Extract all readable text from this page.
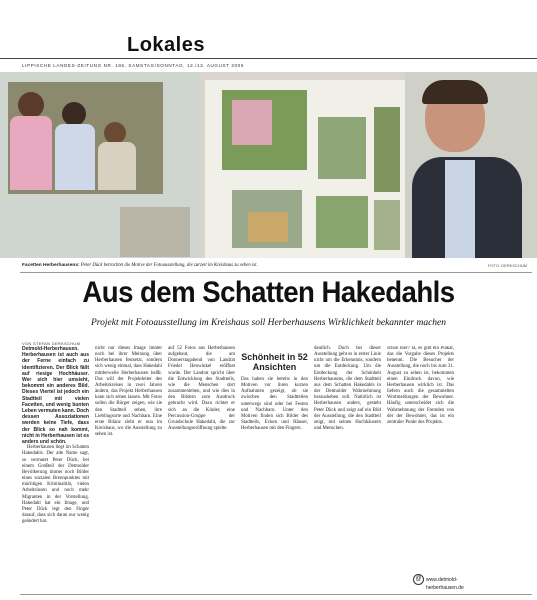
Lokales
LIPPISCHE LANDES-ZEITUNG NR. 186, SAMSTAG/SONNTAG, 12./13. AUGUST 2006
Facetten Herberhausens: Peter Dück betrachtet die Motive der Fotoausstellung, die zurzeit im Kreishaus zu sehen ist.	FOTO: DERKSCHUM
Aus dem Schatten Hakedahls
Projekt mit Fotoausstellung im Kreishaus soll Herberhausens Wirklichkeit bekannter machen
VON STEFAN DERKSCHUM

Detmold-Herberhausen. Herberhausen ist auch aus der Ferne einfach zu identifizieren. Der Blick fällt auf riesige Hochhäuser. Wer sich hier umsieht, bekommt ein anderes Bild. Dieses Viertel ist jedoch ein Stadtteil mit vielen Facetten, und wenig bunten Leben vermuten kann. Doch dessen Assoziationen werden keine Tiefe, dass der Blick so nah kommt, nicht in Herberhausen ist es anders und schön.

Herberhausen liegt im Schatten Hakedahls. Der alte Name sagt, so vermutet Peter Dück, bei einem Großteil der Detmolder Bevölkerung immer noch Bilder eines sozialen Brennpunktes mit mächtigen Kriminalität, vielen Arbeitslosen und noch mehr Migranten in der Vorstellung. Hakedahl hat ein Image, und Peter Dück legt den Finger darauf, dass sich daran nur wenig geändert hat.

nicht nur dieses Image immer noch bei ihrer Meinung über Herberhausen festsetzt, sondern sich wenig einmal, dass Hakedahl mittlerweile Herberhausen heißt. Das will der Projektleiter des Arbeitskreises in zwei Jahren ändern, das Projekt Herberhausen kann sich sehen lassen. Mit Fotos sollen die Bürger zeigen, wie sie den Stadtteil sehen, ihre Lieblingsorte und Nachbarn. Eine erste Bilanz zieht er nun im Kreishaus, wo die Ausstellung zu sehen ist.

auf 52 Fotos aus Herberhausen aufgebaut, die am Donnerstagabend von Landrat Friedel Heuwinkel eröffnet wurde. Der Landrat spricht über die Entwicklung des Stadtteils, wie die Menschen dort zusammenleben, und wie dies in den Bildern zum Ausdruck gebracht wird. Dazu richtet er sich an die Kinder, eine Percussion-Gruppe der Grundschule Hakedahl, die zur Ausstellungseröffnung spielte.

Schönheit in 52 Ansichten

Das haben sie bereits in den Motiven vor ihren kurzen Aufnahmen gezeigt, ob sie zwischen den Stadtteilen unterwegs sind oder bei Festen und Nachbarn. Unter den Motiven finden sich Bilder des Stadtteils, Ecken und Häuser, Herberhausen mit den Fingern.

deutlich. Doch bei dieser Ausstellung geht es in erster Linie nicht um die Erkenntnis, sondern um die Entdeckung. Um die Entdeckung der Schönheit Herberhausens, die dem Stadtteil aus dem Schatten Hakedahls in der Detmolder Wahrnehmung herausheben soll. Natürlich ist Herberhausen anders, gesteht Peter Dück und zeigt auf ein Bild der Ausstellung, die den Stadtteil zeigt, mit seinen Hochhäusern und Menschen.

schön hier? Ja, es gibt ein Plakat, das die Vorgabe dieses Projekts benennt. Die Besucher der Ausstellung, die noch bis zum 31. August zu sehen ist, bekommen einen Eindruck davon, wie Herberhausen wirklich ist. Das liefern auch die gesammelten Wortmeldungen der Bewohner. Häufig unterscheidet sich die Wahrnehmung der Fremden von der der Bewohner, das ist ein zentraler Punkt des Projekts.

@ www.detmold-
herberhausen.de
